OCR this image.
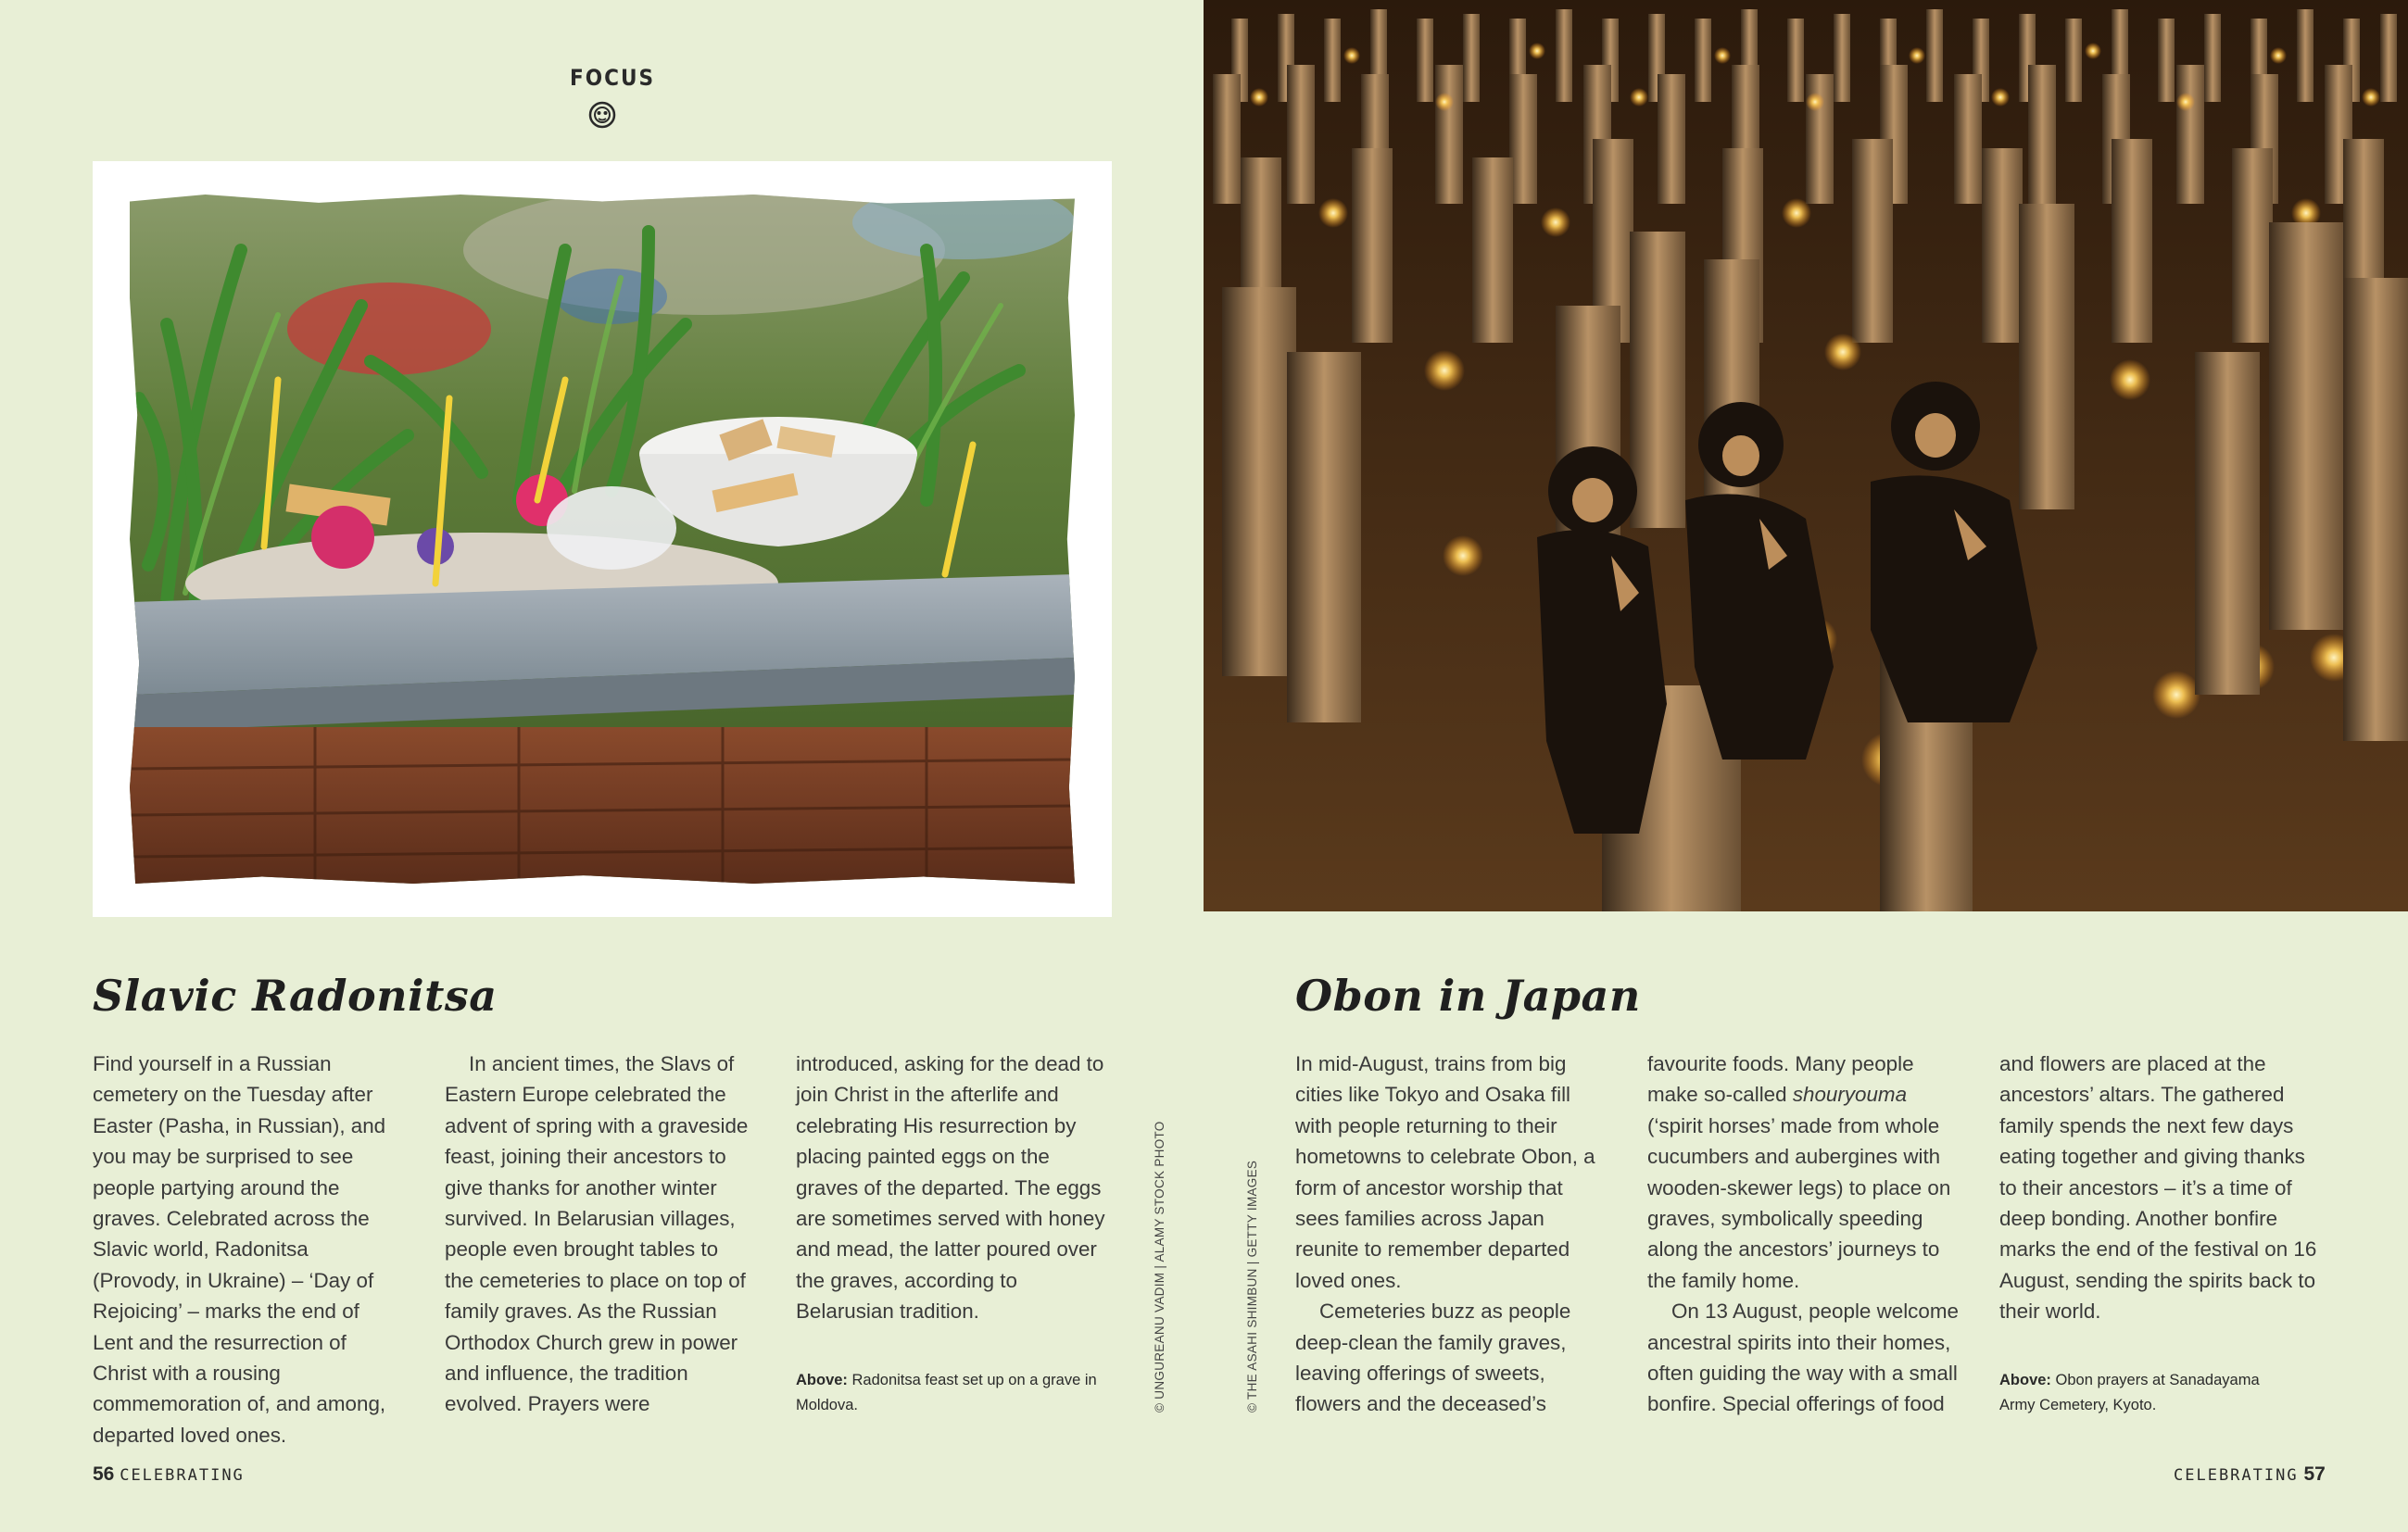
FOCUS
Slavic Radonitsa

Find yourself in a Russian cemetery on the Tuesday after Easter (Pasha, in Russian), and you may be surprised to see people partying around the graves. Celebrated across the Slavic world, Radonitsa (Provody, in Ukraine) – ‘Day of Rejoicing’ – marks the end of Lent and the resurrection of Christ with a rousing commemoration of, and among, departed loved ones.

In ancient times, the Slavs of Eastern Europe celebrated the advent of spring with a graveside feast, joining their ancestors to give thanks for another winter survived. In Belarusian villages, people even brought tables to the cemeteries to place on top of family graves. As the Russian Orthodox Church grew in power and influence, the tradition evolved. Prayers were

introduced, asking for the dead to join Christ in the afterlife and celebrating His resurrection by placing painted eggs on the graves of the departed. The eggs are sometimes served with honey and mead, the latter poured over the graves, according to Belarusian tradition.

Above: Radonitsa feast set up on a grave in Moldova.	© UNGUREANU VADIM | ALAMY STOCK PHOTO
56 CELEBRATING
Obon in Japan

In mid-August, trains from big cities like Tokyo and Osaka fill with people returning to their hometowns to celebrate Obon, a form of ancestor worship that sees families across Japan reunite to remember departed loved ones.

Cemeteries buzz as people deep-clean the family graves, leaving offerings of sweets, flowers and the deceased’s

favourite foods. Many people make so-called shouryouma (‘spirit horses’ made from whole cucumbers and aubergines with wooden-skewer legs) to place on graves, symbolically speeding along the ancestors’ journeys to the family home.

On 13 August, people welcome ancestral spirits into their homes, often guiding the way with a small bonfire. Special offerings of food

and flowers are placed at the ancestors’ altars. The gathered family spends the next few days eating together and giving thanks to their ancestors – it’s a time of deep bonding. Another bonfire marks the end of the festival on 16 August, sending the spirits back to their world.

Above: Obon prayers at Sanadayama Army Cemetery, Kyoto.
© THE ASAHI SHIMBUN | GETTY IMAGES
CELEBRATING 57
